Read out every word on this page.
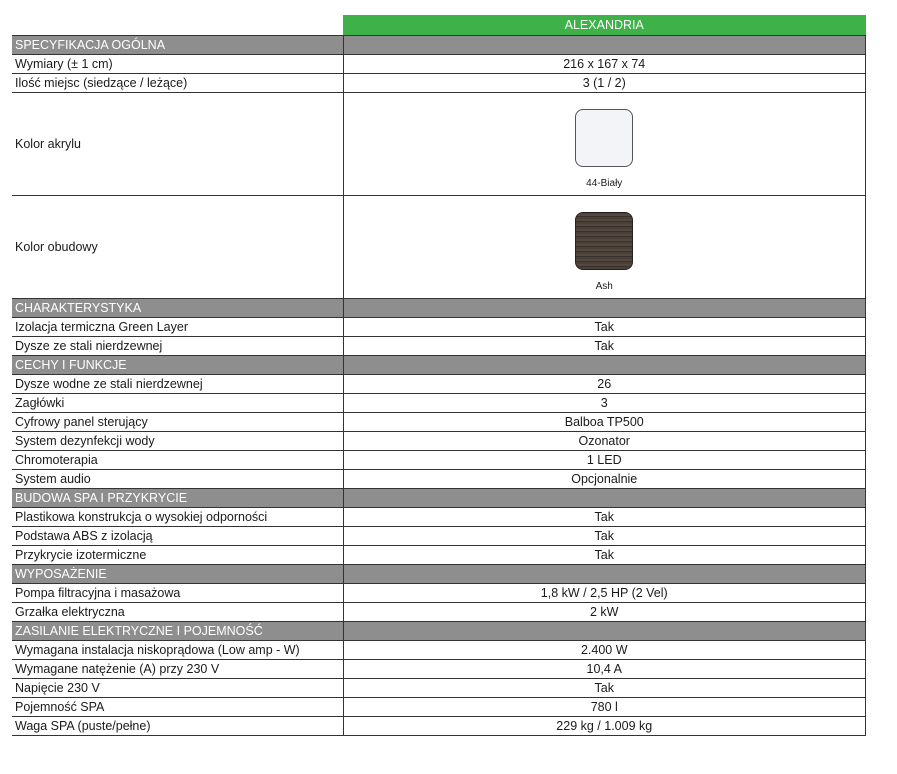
	ALEXANDRIA
SPECYFIKACJA OGÓLNA	
Wymiary (± 1 cm)	216 x 167 x 74
Ilość miejsc (siedzące / leżące)	3 (1 / 2)
Kolor akrylu	44-Biały

Kolor obudowy	Ash

CHARAKTERYSTYKA	
Izolacja termiczna Green Layer	Tak
Dysze ze stali nierdzewnej	Tak
CECHY I FUNKCJE	
Dysze wodne ze stali nierdzewnej	26
Zagłówki	3
Cyfrowy panel sterujący	Balboa TP500
System dezynfekcji wody	Ozonator
Chromoterapia	1 LED
System audio	Opcjonalnie
BUDOWA SPA I PRZYKRYCIE	
Plastikowa konstrukcja o wysokiej odporności	Tak
Podstawa ABS z izolacją	Tak
Przykrycie izotermiczne	Tak
WYPOSAŻENIE	
Pompa filtracyjna i masażowa	1,8 kW / 2,5 HP (2 Vel)
Grzałka elektryczna	2 kW
ZASILANIE ELEKTRYCZNE I POJEMNOŚĆ	
Wymagana instalacja niskoprądowa (Low amp - W)	2.400 W
Wymagane natężenie (A) przy 230 V	10,4 A
Napięcie 230 V	Tak
Pojemność SPA	780 l
Waga SPA (puste/pełne)	229 kg / 1.009 kg
